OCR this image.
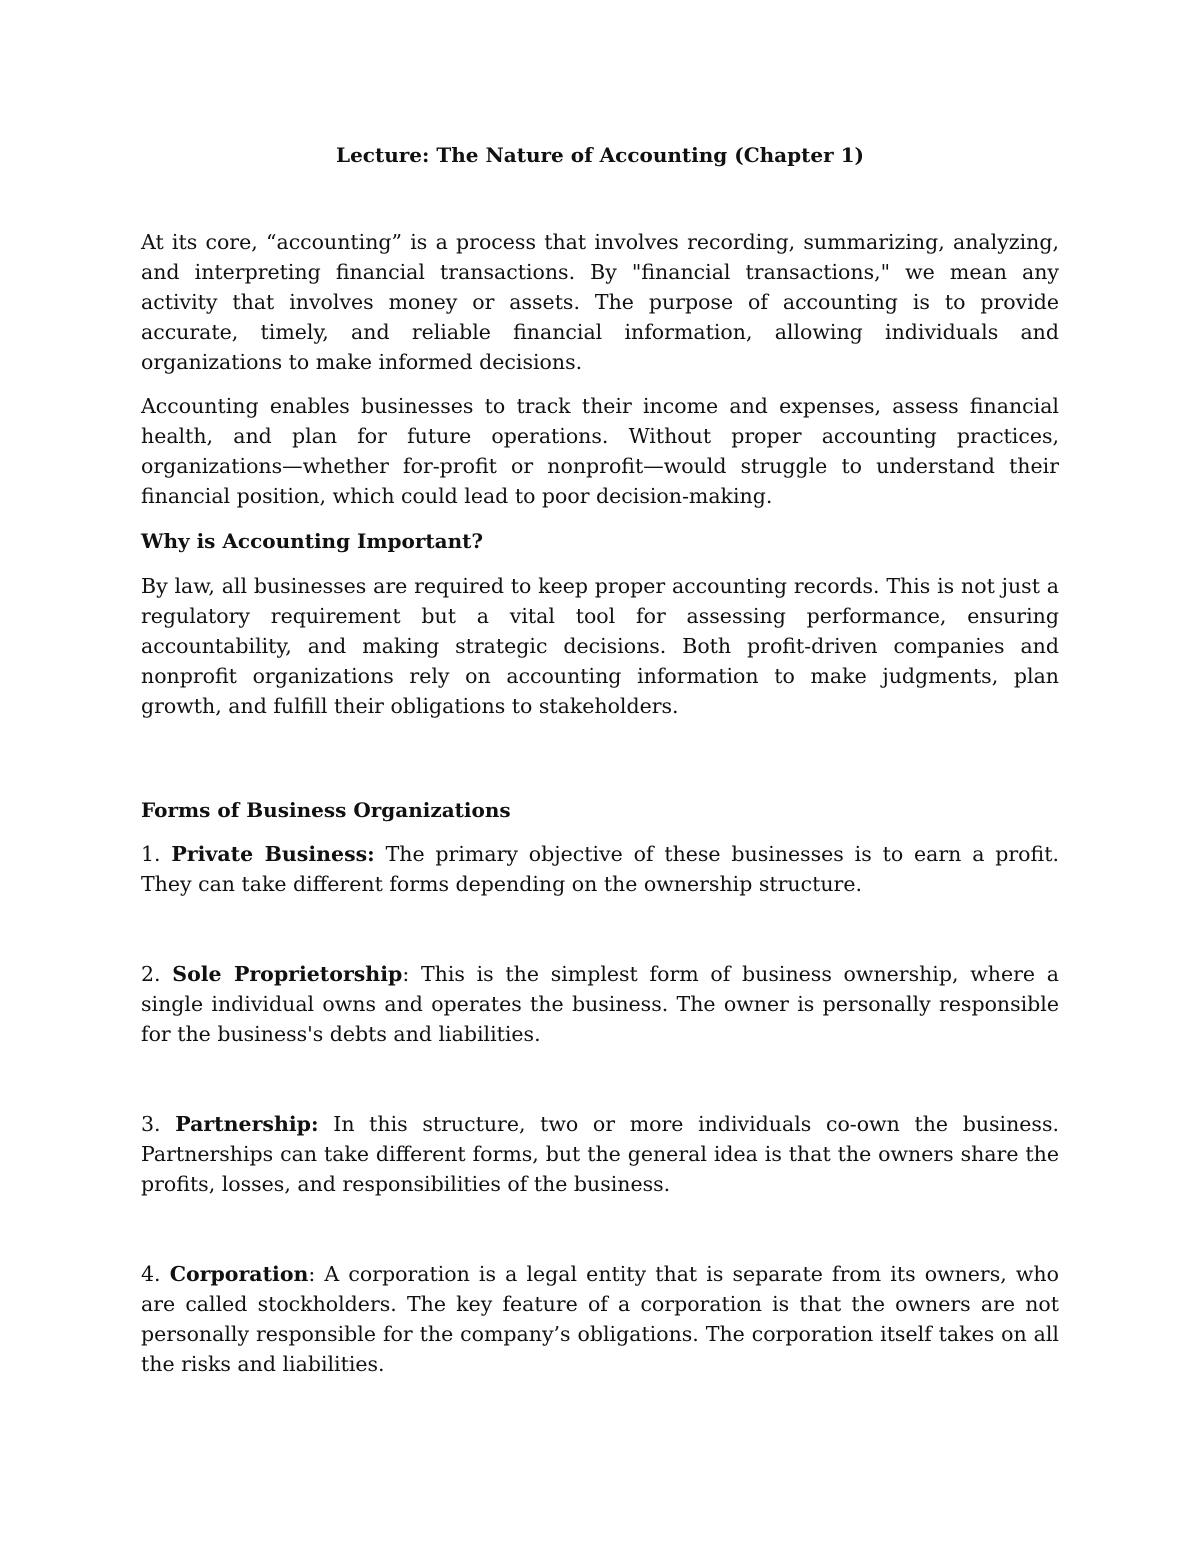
Lecture: The Nature of Accounting (Chapter 1)

At its core, “accounting” is a process that involves recording, summarizing, analyzing, and interpreting financial transactions. By "financial transactions," we mean any activity that involves money or assets. The purpose of accounting is to provide accurate, timely, and reliable financial information, allowing individuals and organizations to make informed decisions.

Accounting enables businesses to track their income and expenses, assess financial health, and plan for future operations. Without proper accounting practices, organizations—whether for-profit or nonprofit—would struggle to understand their financial position, which could lead to poor decision-making.

Why is Accounting Important?

By law, all businesses are required to keep proper accounting records. This is not just a regulatory requirement but a vital tool for assessing performance, ensuring accountability, and making strategic decisions. Both profit-driven companies and nonprofit organizations rely on accounting information to make judgments, plan growth, and fulfill their obligations to stakeholders.

Forms of Business Organizations

1. Private Business: The primary objective of these businesses is to earn a profit. They can take different forms depending on the ownership structure.

2. Sole Proprietorship: This is the simplest form of business ownership, where a single individual owns and operates the business. The owner is personally responsible for the business's debts and liabilities.

3. Partnership: In this structure, two or more individuals co-own the business. Partnerships can take different forms, but the general idea is that the owners share the profits, losses, and responsibilities of the business.

4. Corporation: A corporation is a legal entity that is separate from its owners, who are called stockholders. The key feature of a corporation is that the owners are not personally responsible for the company’s obligations. The corporation itself takes on all the risks and liabilities.
